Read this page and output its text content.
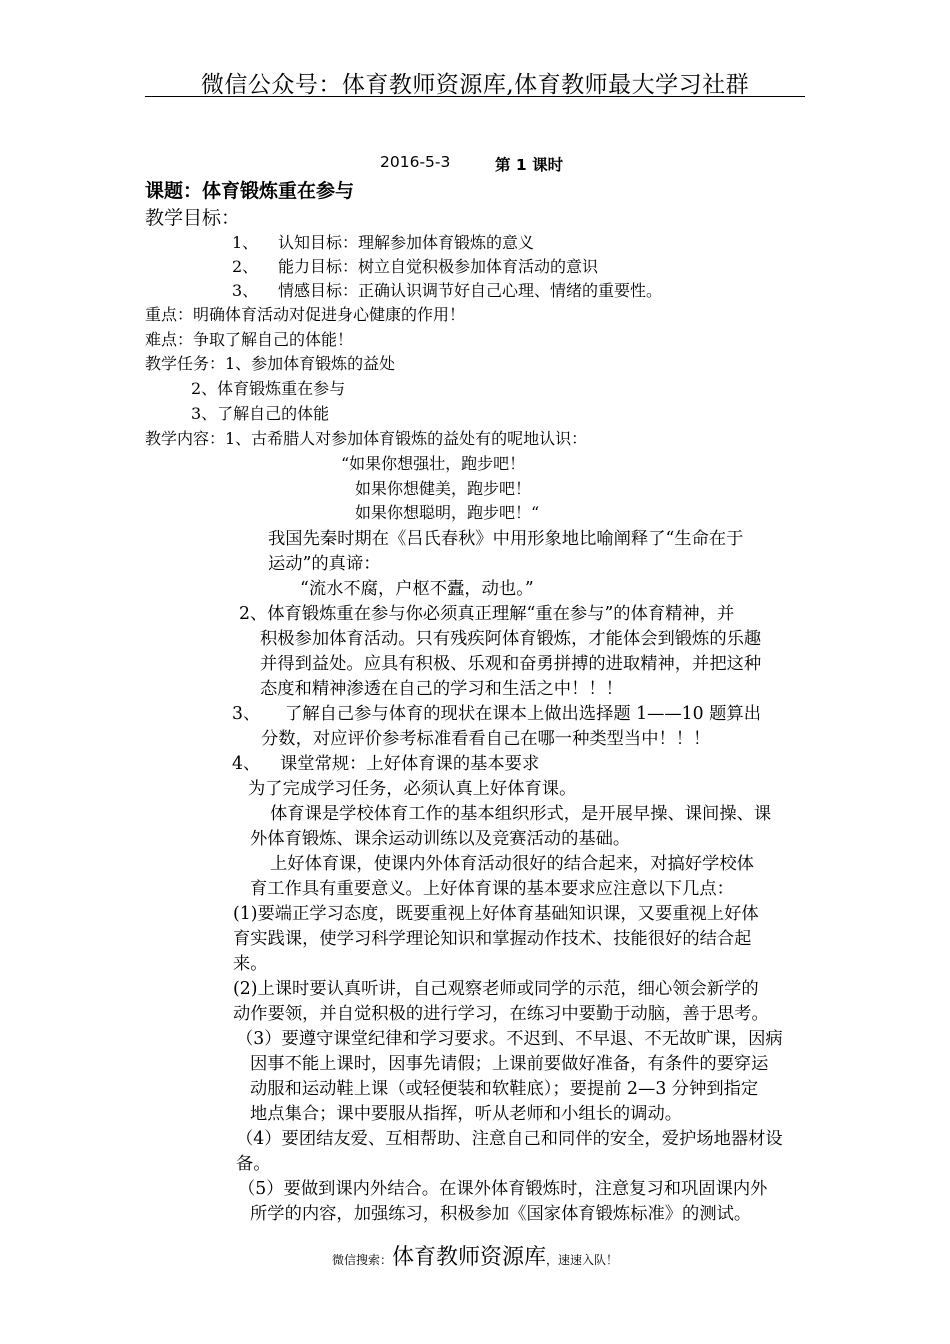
微信公众号：体育教师资源库,体育教师最大学习社群
2016-5-3	第 1 课时
课题：体育锻炼重在参与
教学目标：
1、 认知目标：理解参加体育锻炼的意义
2、 能力目标：树立自觉积极参加体育活动的意识
3、 情感目标：正确认识调节好自己心理、情绪的重要性。
重点：明确体育活动对促进身心健康的作用！
难点：争取了解自己的体能！
教学任务：1、参加体育锻炼的益处
2、体育锻炼重在参与
3、了解自己的体能
教学内容：1、古希腊人对参加体育锻炼的益处有的呢地认识：
“如果你想强壮，跑步吧！
如果你想健美，跑步吧！
如果你想聪明，跑步吧！“
我国先秦时期在《吕氏春秋》中用形象地比喻阐释了“生命在于
运动”的真谛：
“流水不腐，户枢不蠹，动也。”
2、体育锻炼重在参与你必须真正理解“重在参与”的体育精神，并
积极参加体育活动。只有残疾阿体育锻炼，才能体会到锻炼的乐趣
并得到益处。应具有积极、乐观和奋勇拼搏的进取精神，并把这种
态度和精神渗透在自己的学习和生活之中！！！
3、 了解自己参与体育的现状在课本上做出选择题 1——10 题算出
分数，对应评价参考标准看看自己在哪一种类型当中！！！
4、 课堂常规：上好体育课的基本要求
为了完成学习任务，必须认真上好体育课。
体育课是学校体育工作的基本组织形式，是开展早操、课间操、课
外体育锻炼、课余运动训练以及竞赛活动的基础。
上好体育课，使课内外体育活动很好的结合起来，对搞好学校体
育工作具有重要意义。上好体育课的基本要求应注意以下几点：
(1)要端正学习态度，既要重视上好体育基础知识课，又要重视上好体
育实践课，使学习科学理论知识和掌握动作技术、技能很好的结合起
来。
(2)上课时要认真听讲，自己观察老师或同学的示范，细心领会新学的
动作要领，并自觉积极的进行学习，在练习中要勤于动脑，善于思考。
（3）要遵守课堂纪律和学习要求。不迟到、不早退、不无故旷课，因病
因事不能上课时，因事先请假；上课前要做好准备，有条件的要穿运
动服和运动鞋上课（或轻便装和软鞋底）；要提前 2—3 分钟到指定
地点集合；课中要服从指挥，听从老师和小组长的调动。
（4）要团结友爱、互相帮助、注意自己和同伴的安全，爱护场地器材设
备。
（5）要做到课内外结合。在课外体育锻炼时，注意复习和巩固课内外
所学的内容，加强练习，积极参加《国家体育锻炼标准》的测试。
微信搜索：体育教师资源库，速速入队！
